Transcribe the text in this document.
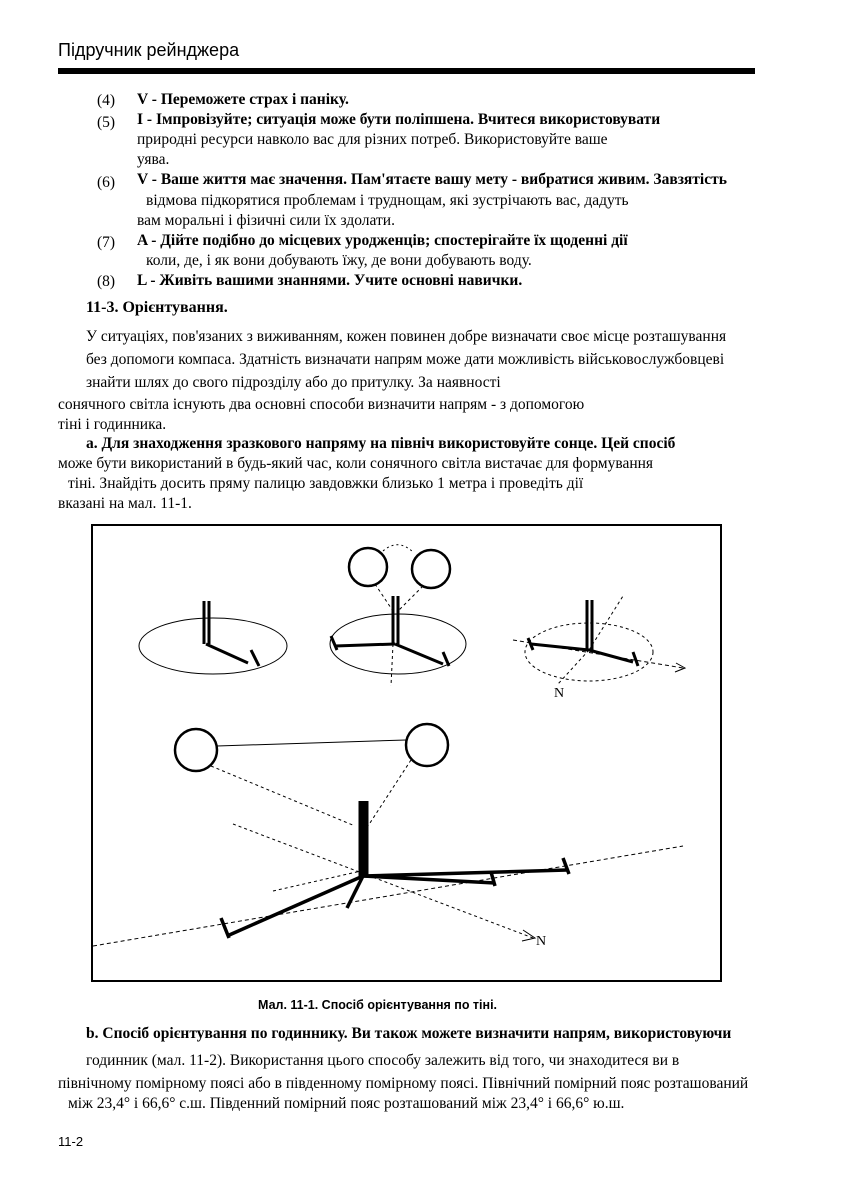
Підручник рейнджера
(4) V - Переможете страх і паніку.
(5) I - Імпровізуйте; ситуація може бути поліпшена. Вчитеся використовувати
природні ресурси навколо вас для різних потреб. Використовуйте ваше
уява.
(6) V - Ваше життя має значення. Пам'ятаєте вашу мету - вибратися живим. Завзятість
відмова підкорятися проблемам і труднощам, які зустрічають вас, дадуть
вам моральні і фізичні сили їх здолати.
(7) A - Дійте подібно до місцевих уродженців; спостерігайте їх щоденні дії
коли, де, і як вони добувають їжу, де вони добувають воду.
(8) L - Живіть вашими знаннями. Учите основні навички.
11-3. Орієнтування.
У ситуаціях, пов'язаних з виживанням, кожен повинен добре визначати своє місце розташування
без допомоги компаса. Здатність визначати напрям може дати можливість військовослужбовцеві
знайти шлях до свого підрозділу або до притулку. За наявності
сонячного світла існують два основні способи визначити напрям - з допомогою
тіні і годинника.
a. Для знаходження зразкового напряму на північ використовуйте сонце. Цей спосіб
може бути використаний в будь-який час, коли сонячного світла вистачає для формування
тіні. Знайдіть досить пряму палицю завдовжки близько 1 метра і проведіть дії
вказані на мал. 11-1.
N
N
Мал. 11-1. Спосіб орієнтування по тіні.
b. Спосіб орієнтування по годиннику. Ви також можете визначити напрям, використовуючи
годинник (мал. 11-2). Використання цього способу залежить від того, чи знаходитеся ви в
північному помірному поясі або в південному помірному поясі. Північний помірний пояс розташований
між 23,4° і 66,6° с.ш. Південний помірний пояс розташований між 23,4° і 66,6° ю.ш.
11-2
